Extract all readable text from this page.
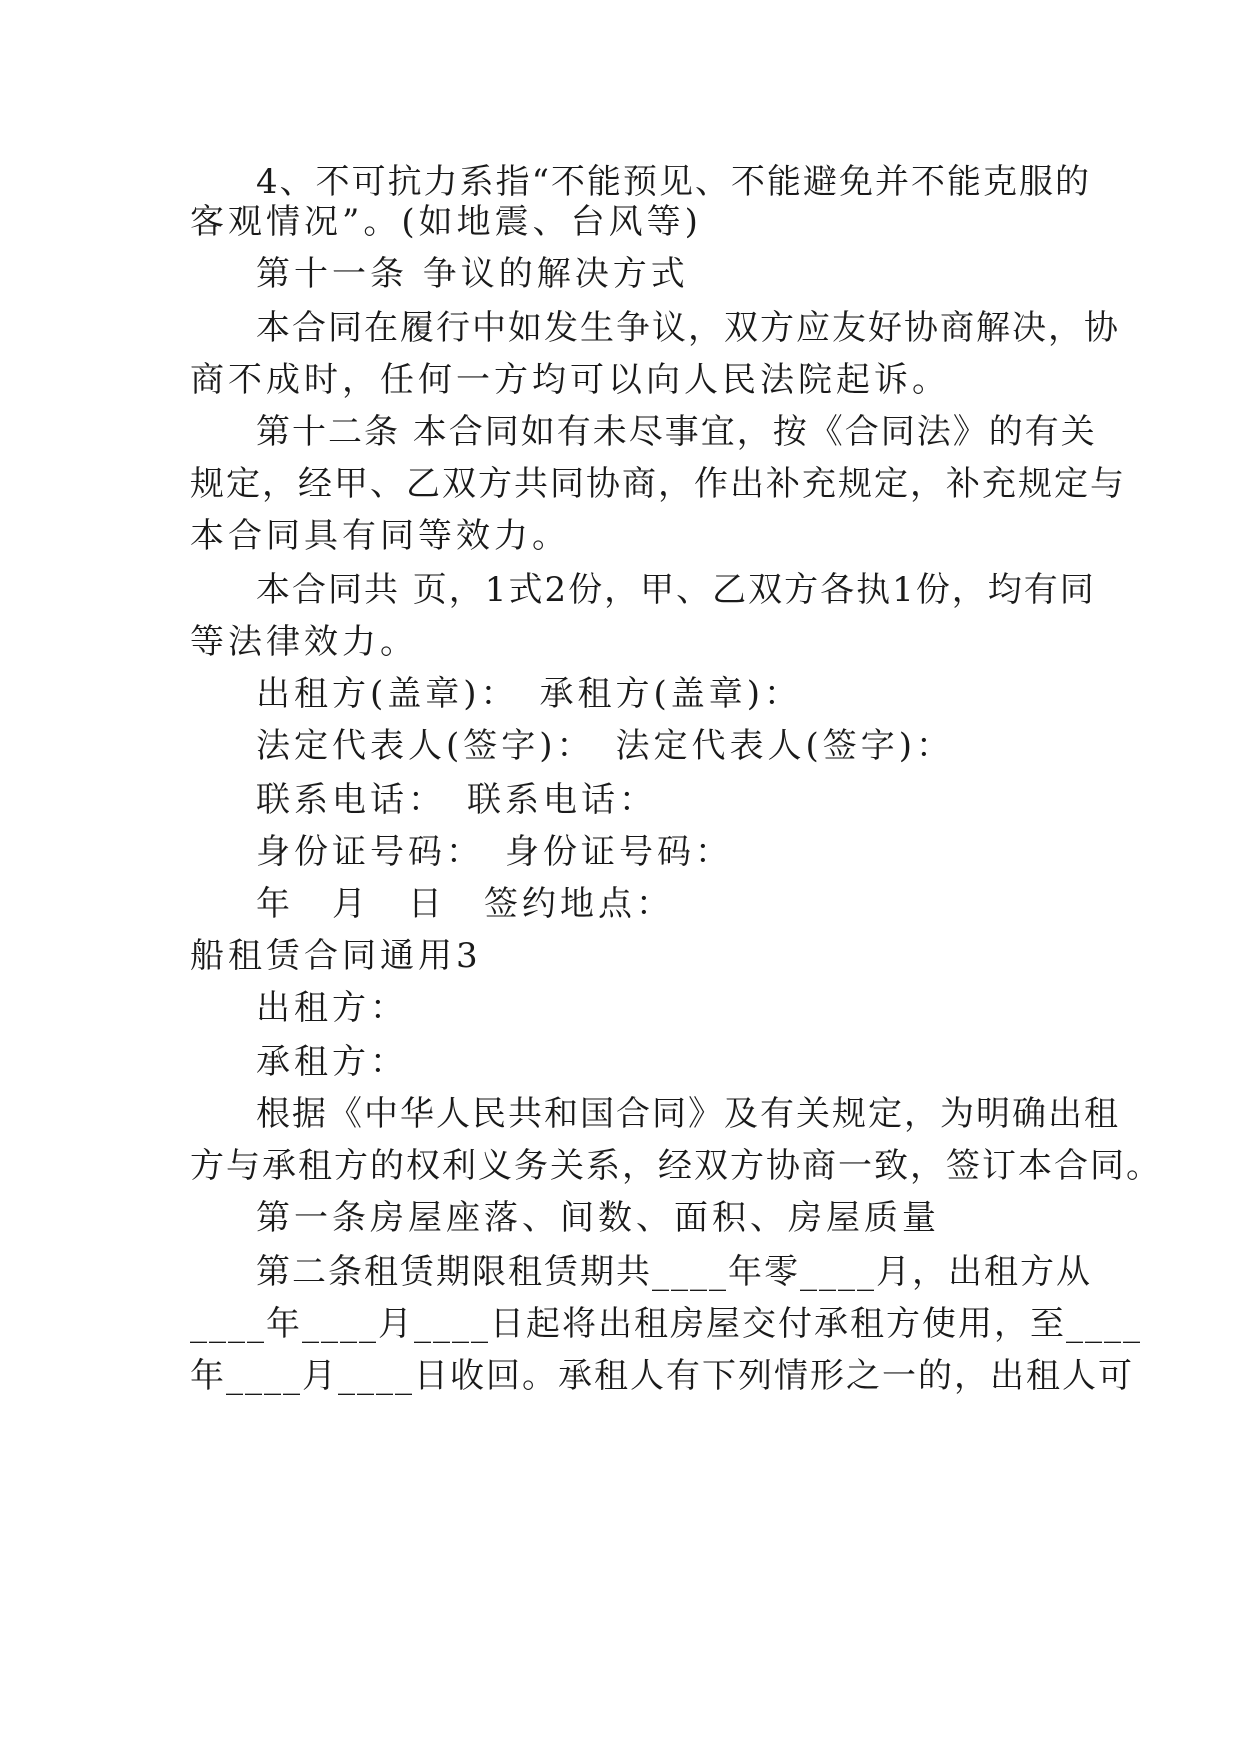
4、不可抗力系指“不能预见、不能避免并不能克服的
客观情况”。(如地震、台风等)
第十一条 争议的解决方式
本合同在履行中如发生争议，双方应友好协商解决，协
商不成时，任何一方均可以向人民法院起诉。
第十二条 本合同如有未尽事宜，按《合同法》的有关
规定，经甲、乙双方共同协商，作出补充规定，补充规定与
本合同具有同等效力。
本合同共 页，1式2份，甲、乙双方各执1份，均有同
等法律效力。
出租方(盖章)：　承租方(盖章)：
法定代表人(签字)：　法定代表人(签字)：
联系电话：　联系电话：
身份证号码：　身份证号码：
年　月　日　签约地点：
船租赁合同通用3
出租方：
承租方：
根据《中华人民共和国合同》及有关规定，为明确出租
方与承租方的权利义务关系，经双方协商一致，签订本合同。
第一条房屋座落、间数、面积、房屋质量
第二条租赁期限租赁期共____年零____月，出租方从
____年____月____日起将出租房屋交付承租方使用，至____
年____月____日收回。承租人有下列情形之一的，出租人可
